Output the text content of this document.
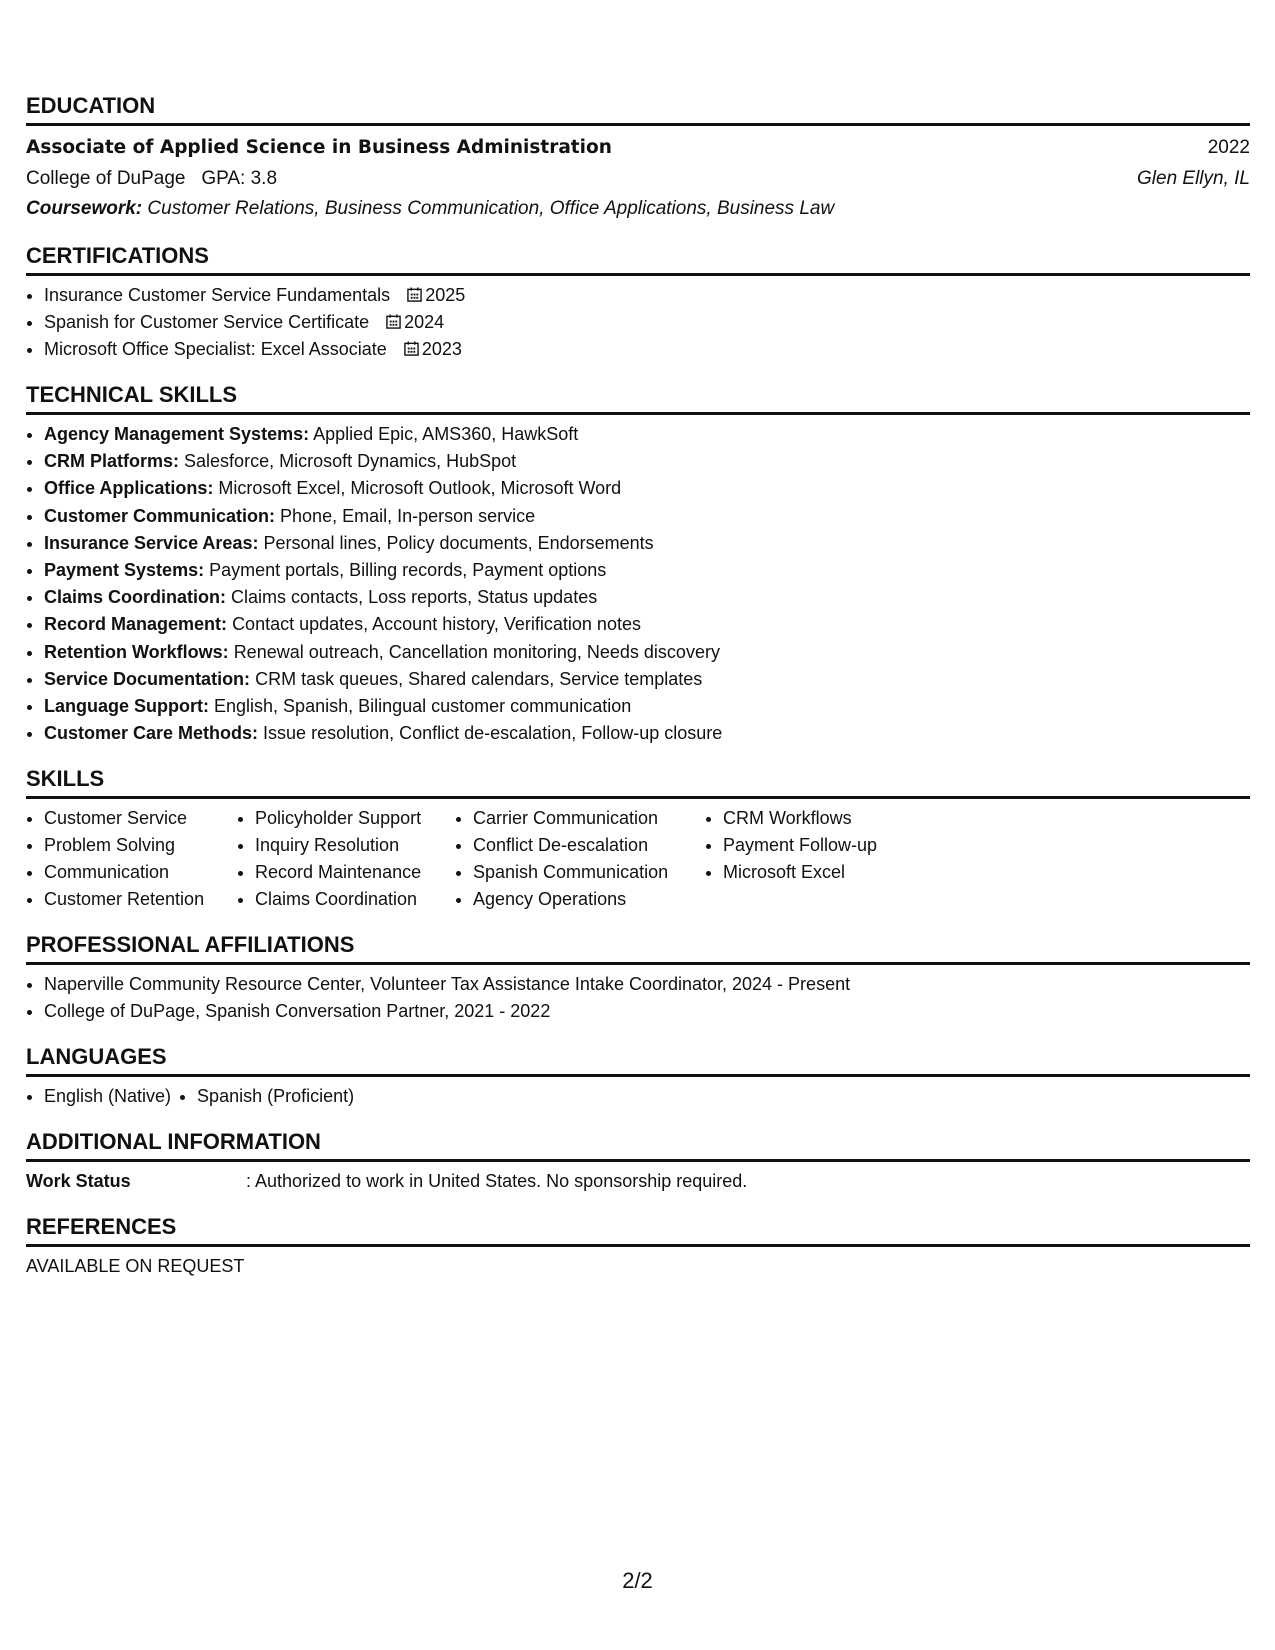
EDUCATION
Associate of Applied Science in Business Administration	2022
College of DuPage GPA: 3.8	Glen Ellyn, IL
Coursework: Customer Relations, Business Communication, Office Applications, Business Law
CERTIFICATIONS
• Insurance Customer Service Fundamentals 2025
• Spanish for Customer Service Certificate 2024
• Microsoft Office Specialist: Excel Associate 2023
TECHNICAL SKILLS
• Agency Management Systems: Applied Epic, AMS360, HawkSoft
• CRM Platforms: Salesforce, Microsoft Dynamics, HubSpot
• Office Applications: Microsoft Excel, Microsoft Outlook, Microsoft Word
• Customer Communication: Phone, Email, In-person service
• Insurance Service Areas: Personal lines, Policy documents, Endorsements
• Payment Systems: Payment portals, Billing records, Payment options
• Claims Coordination: Claims contacts, Loss reports, Status updates
• Record Management: Contact updates, Account history, Verification notes
• Retention Workflows: Renewal outreach, Cancellation monitoring, Needs discovery
• Service Documentation: CRM task queues, Shared calendars, Service templates
• Language Support: English, Spanish, Bilingual customer communication
• Customer Care Methods: Issue resolution, Conflict de-escalation, Follow-up closure
SKILLS
• Customer Service
• Problem Solving
• Communication
• Customer Retention
• Policyholder Support
• Inquiry Resolution
• Record Maintenance
• Claims Coordination
• Carrier Communication
• Conflict De-escalation
• Spanish Communication
• Agency Operations
• CRM Workflows
• Payment Follow-up
• Microsoft Excel
PROFESSIONAL AFFILIATIONS
• Naperville Community Resource Center, Volunteer Tax Assistance Intake Coordinator, 2024 - Present
• College of DuPage, Spanish Conversation Partner, 2021 - 2022
LANGUAGES
• English (Native)
• Spanish (Proficient)
ADDITIONAL INFORMATION
Work Status	: Authorized to work in United States. No sponsorship required.
REFERENCES
AVAILABLE ON REQUEST
2/2
